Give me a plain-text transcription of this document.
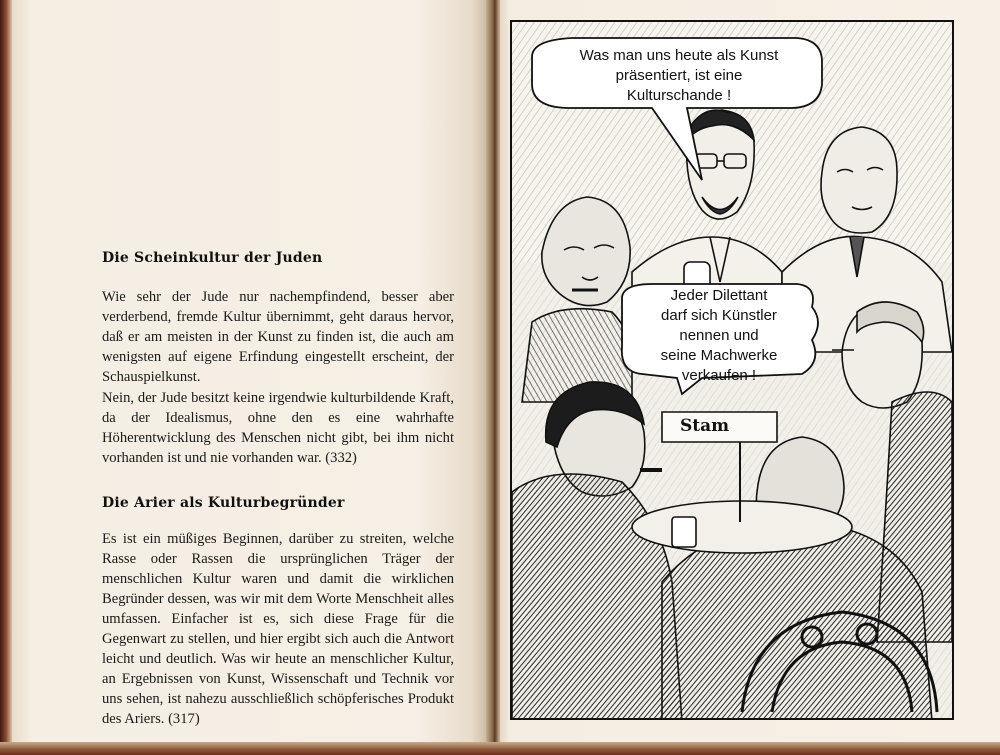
Die Scheinkultur der Juden

Wie sehr der Jude nur nachempfindend, besser aber verderbend, fremde Kultur übernimmt, geht daraus hervor, daß er am meisten in der Kunst zu finden ist, die auch am wenigsten auf eigene Erfindung eingestellt erscheint, der Schauspielkunst.

Nein, der Jude besitzt keine irgendwie kulturbildende Kraft, da der Idealismus, ohne den es eine wahrhafte Höherentwicklung des Menschen nicht gibt, bei ihm nicht vorhanden ist und nie vorhanden war. (332)

Die Arier als Kulturbegründer

Es ist ein müßiges Beginnen, darüber zu streiten, welche Rasse oder Rassen die ursprünglichen Träger der menschlichen Kultur waren und damit die wirklichen Begründer dessen, was wir mit dem Worte Menschheit alles umfassen. Einfacher ist es, sich diese Frage für die Gegenwart zu stellen, und hier ergibt sich auch die Antwort leicht und deutlich. Was wir heute an menschlicher Kultur, an Ergebnissen von Kunst, Wissenschaft und Technik vor uns sehen, ist nahezu ausschließlich schöpferisches Produkt des Ariers. (317)

Was man uns heute als Kunst
präsentiert, ist eine
Kulturschande !
Jeder Dilettant
darf sich Künstler
nennen und
seine Machwerke
verkaufen !
Stam
